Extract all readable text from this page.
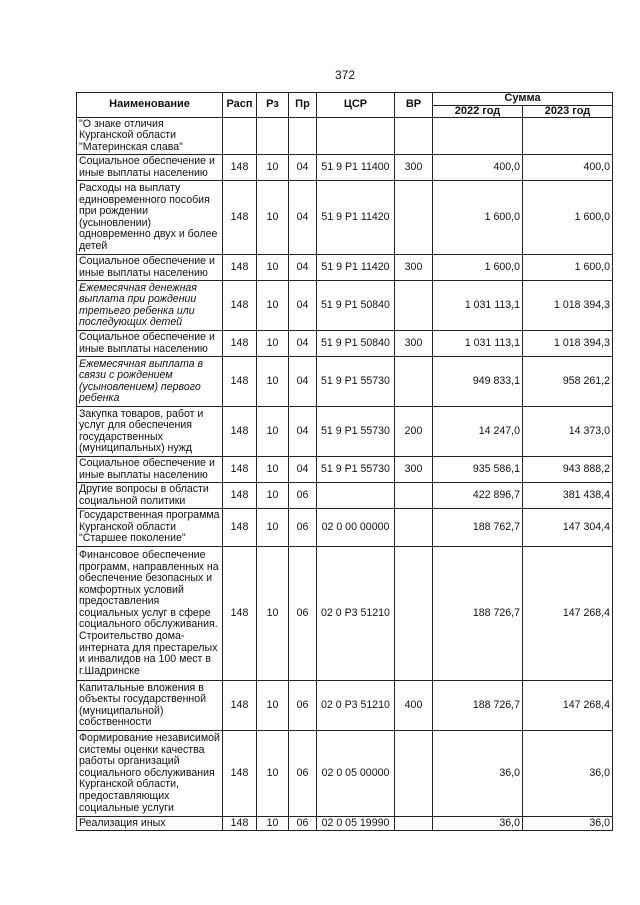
372
Наименование	Расп	Рз	Пр	ЦСР	ВР	Сумма	
						2022 год	2023 год
"О знаке отличия Курганской области "Материнская слава"							
Социальное обеспечение и иные выплаты населению	148	10	04	51 9 Р1 11400	300	400,0	400,0
Расходы на выплату единовременного пособия при рождении (усыновлении) одновременно двух и более детей	148	10	04	51 9 Р1 11420		1 600,0	1 600,0
Социальное обеспечение и иные выплаты населению	148	10	04	51 9 Р1 11420	300	1 600,0	1 600,0
Ежемесячная денежная выплата при рождении третьего ребенка или последующих детей	148	10	04	51 9 Р1 50840		1 031 113,1	1 018 394,3
Социальное обеспечение и иные выплаты населению	148	10	04	51 9 Р1 50840	300	1 031 113,1	1 018 394,3
Ежемесячная выплата в связи с рождением (усыновлением) первого ребенка	148	10	04	51 9 Р1 55730		949 833,1	958 261,2
Закупка товаров, работ и услуг для обеспечения государственных (муниципальных) нужд	148	10	04	51 9 Р1 55730	200	14 247,0	14 373,0
Социальное обеспечение и иные выплаты населению	148	10	04	51 9 Р1 55730	300	935 586,1	943 888,2
Другие вопросы в области социальной политики	148	10	06			422 896,7	381 438,4
Государственная программа Курганской области "Старшее поколение"	148	10	06	02 0 00 00000		188 762,7	147 304,4
Финансовое обеспечение программ, направленных на обеспечение безопасных и комфортных условий предоставления социальных услуг в сфере социального обслуживания. Строительство дома-интерната для престарелых и инвалидов на 100 мест в г.Шадринске	148	10	06	02 0 Р3 51210		188 726,7	147 268,4
Капитальные вложения в объекты государственной (муниципальной) собственности	148	10	06	02 0 Р3 51210	400	188 726,7	147 268,4
Формирование независимой системы оценки качества работы организаций социального обслуживания Курганской области, предоставляющих социальные услуги	148	10	06	02 0 05 00000		36,0	36,0
Реализация иных	148	10	06	02 0 05 19990		36,0	36,0
